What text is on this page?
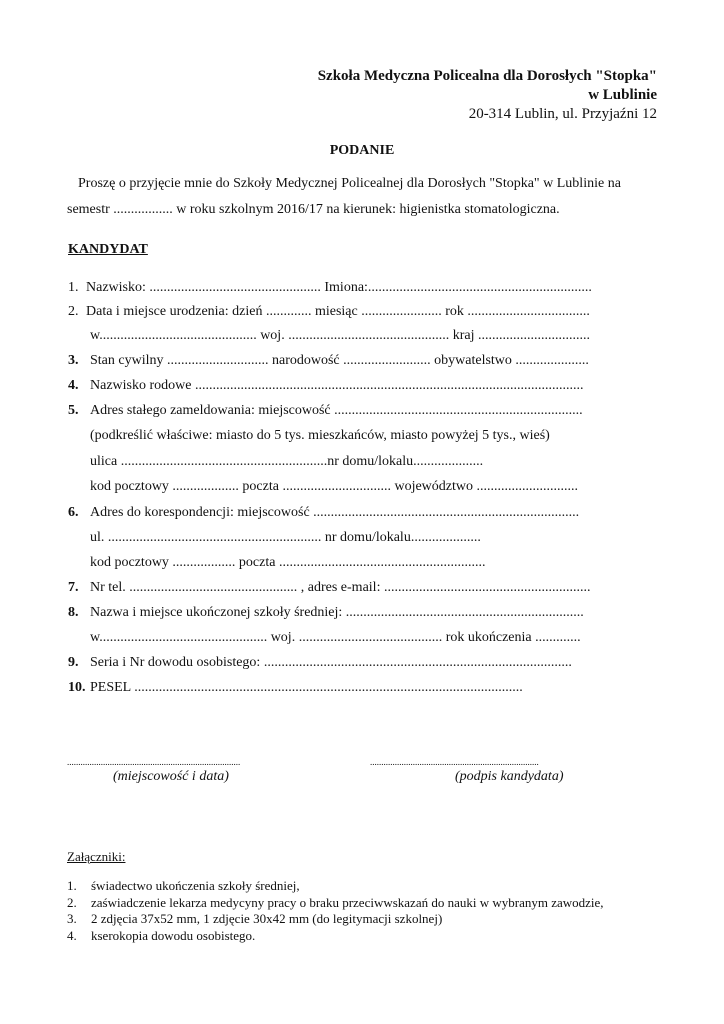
Szkoła Medyczna Policealna dla Dorosłych "Stopka"
w Lublinie
20-314 Lublin, ul. Przyjaźni 12
PODANIE
Proszę o przyjęcie mnie do Szkoły Medycznej Policealnej dla Dorosłych "Stopka" w Lublinie na
semestr ................. w roku szkolnym 2016/17 na kierunek: higienistka stomatologiczna.
KANDYDAT
1. Nazwisko: ................................................. Imiona:................................................................
2. Data i miejsce urodzenia: dzień ............. miesiąc ....................... rok ...................................
w............................................. woj. .............................................. kraj ................................
3. Stan cywilny ............................. narodowość ......................... obywatelstwo .....................
4. Nazwisko rodowe ...............................................................................................................
5. Adres stałego zameldowania: miejscowość .......................................................................
(podkreślić właściwe: miasto do 5 tys. mieszkańców, miasto powyżej 5 tys., wieś)
ulica ...........................................................nr domu/lokalu....................
kod pocztowy ................... poczta ............................... województwo .............................
6. Adres do korespondencji: miejscowość ............................................................................
ul. ............................................................. nr domu/lokalu....................
kod pocztowy .................. poczta ...........................................................
7. Nr tel. ................................................ , adres e-mail: ...........................................................
8. Nazwa i miejsce ukończonej szkoły średniej: ....................................................................
w................................................ woj. ......................................... rok ukończenia .............
9. Seria i Nr dowodu osobistego: ........................................................................................
10. PESEL ...............................................................................................................
.............................................................................
(miejscowość i data)
...........................................................................
(podpis kandydata)
Załączniki:
1. świadectwo ukończenia szkoły średniej,
2. zaświadczenie lekarza medycyny pracy o braku przeciwwskazań do nauki w wybranym zawodzie,
3. 2 zdjęcia 37x52 mm, 1 zdjęcie 30x42 mm (do legitymacji szkolnej)
4. kserokopia dowodu osobistego.
